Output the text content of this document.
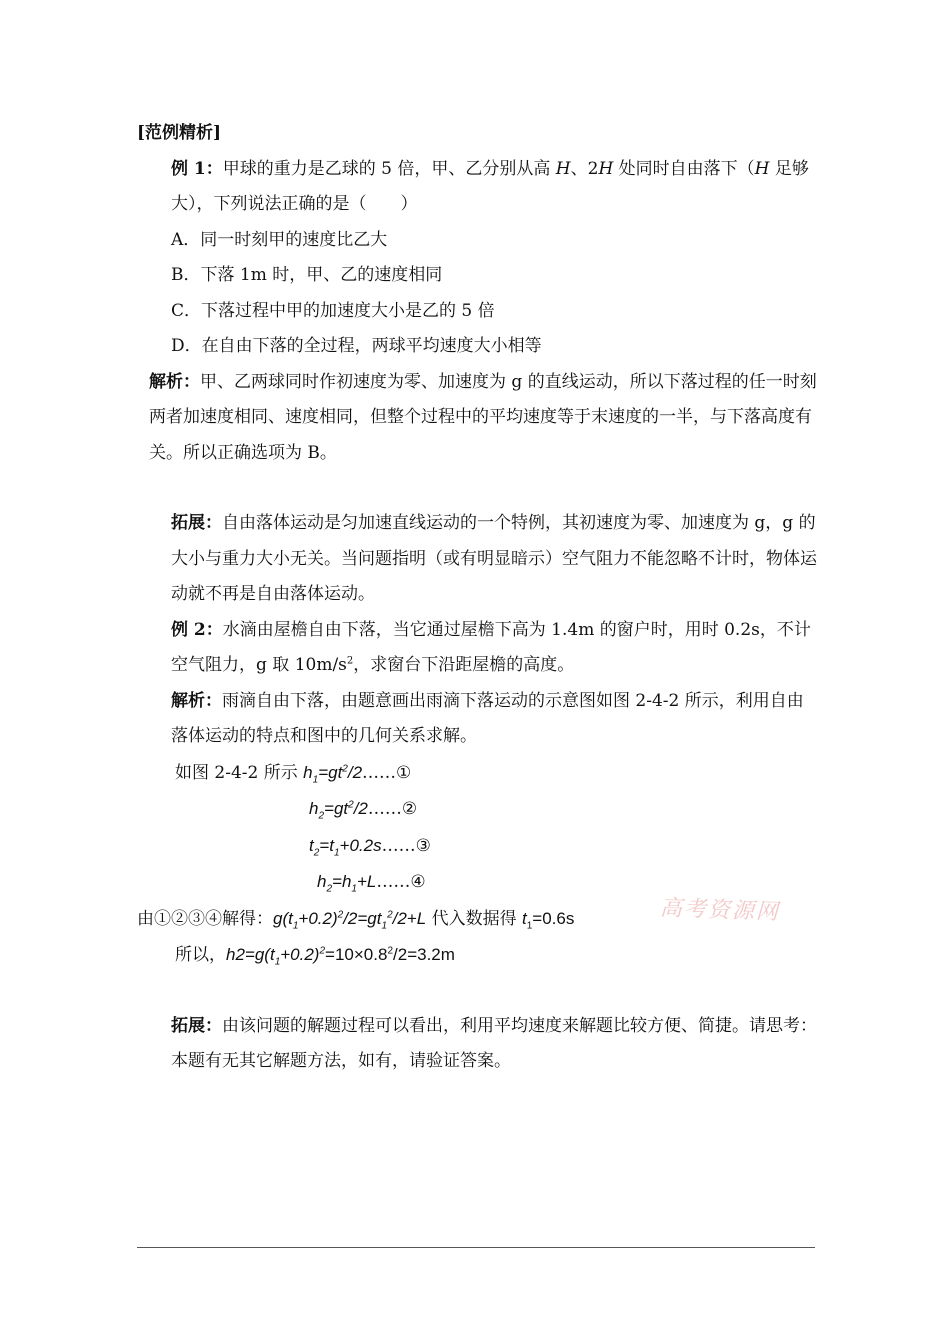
[范例精析]

例 1：甲球的重力是乙球的 5 倍，甲、乙分别从高 H、2H 处同时自由落下（H 足够大），下列说法正确的是（　　）

A．同一时刻甲的速度比乙大

B．下落 1m 时，甲、乙的速度相同

C．下落过程中甲的加速度大小是乙的 5 倍

D．在自由下落的全过程，两球平均速度大小相等

解析：甲、乙两球同时作初速度为零、加速度为 g 的直线运动，所以下落过程的任一时刻两者加速度相同、速度相同，但整个过程中的平均速度等于末速度的一半，与下落高度有关。所以正确选项为 B。

拓展：自由落体运动是匀加速直线运动的一个特例，其初速度为零、加速度为 g，g 的大小与重力大小无关。当问题指明（或有明显暗示）空气阻力不能忽略不计时，物体运动就不再是自由落体运动。

例 2：水滴由屋檐自由下落，当它通过屋檐下高为 1.4m 的窗户时，用时 0.2s，不计空气阻力，g 取 $10m/s^2$，求窗台下沿距屋檐的高度。

解析：雨滴自由下落，由题意画出雨滴下落运动的示意图如图 2-4-2 所示，利用自由落体运动的特点和图中的几何关系求解。

如图 2-4-2 所示 $h_1=gt^2/2\dots\dots ①$

$h_2=gt^2/2\dots\dots ②$

$t_2=t_1+0.2s\dots\dots ③$

$h_2=h_1+L\dots\dots ④$

由①②③④解得：$g(t_1+0.2)^2/2=gt_1^2/2+L$ 代入数据得 $t_1=0.6s$

所以，$h2=g(t_1+0.2)^2=10\times 0.8^2/2=3.2m$

拓展：由该问题的解题过程可以看出，利用平均速度来解题比较方便、简捷。请思考：本题有无其它解题方法，如有，请验证答案。

高考资源网
